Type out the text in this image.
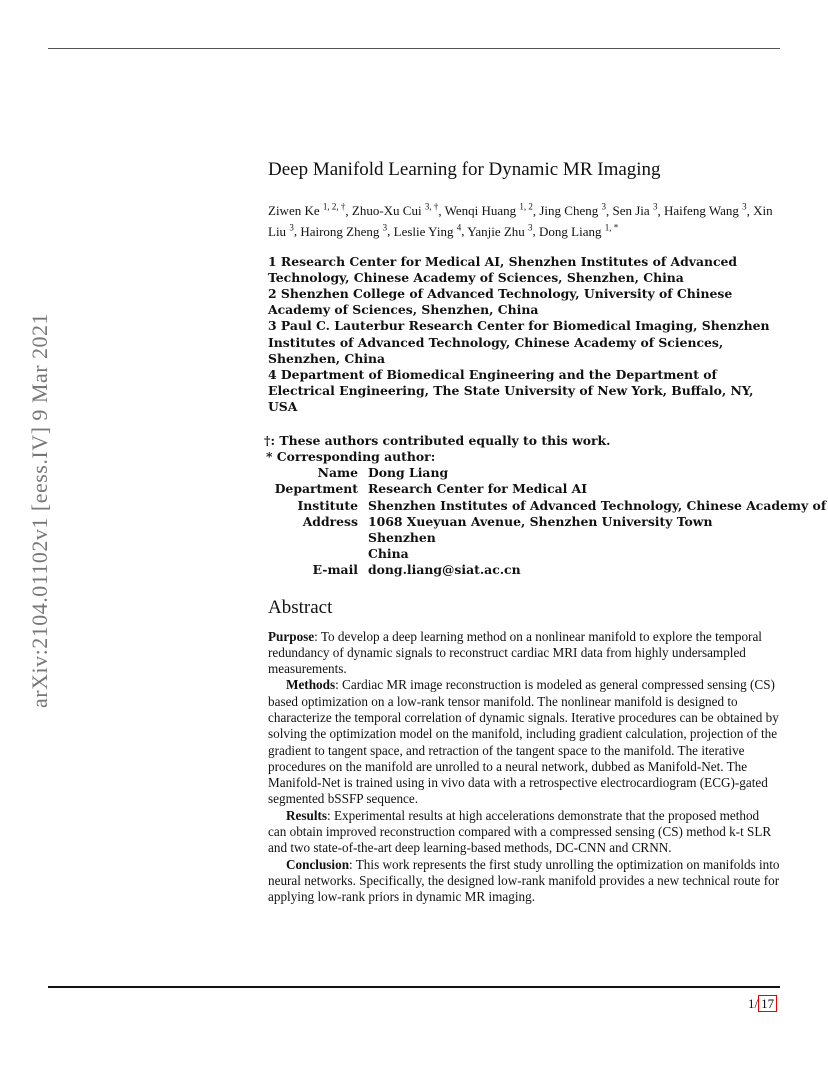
arXiv:2104.01102v1 [eess.IV] 9 Mar 2021
Deep Manifold Learning for Dynamic MR Imaging
Ziwen Ke $^{1, 2, \dagger}$, Zhuo-Xu Cui $^{3, \dagger}$, Wenqi Huang $^{1, 2}$, Jing Cheng $^3$, Sen Jia $^3$, Haifeng Wang $^3$, Xin Liu $^3$, Hairong Zheng $^3$, Leslie Ying $^4$, Yanjie Zhu $^3$, Dong Liang $^{1, *}$
1 Research Center for Medical AI, Shenzhen Institutes of Advanced Technology, Chinese Academy of Sciences, Shenzhen, China
2 Shenzhen College of Advanced Technology, University of Chinese Academy of Sciences, Shenzhen, China
3 Paul C. Lauterbur Research Center for Biomedical Imaging, Shenzhen Institutes of Advanced Technology, Chinese Academy of Sciences, Shenzhen, China
4 Department of Biomedical Engineering and the Department of Electrical Engineering, The State University of New York, Buffalo, NY, USA
†: These authors contributed equally to this work.
* Corresponding author:
Name	Dong Liang
Department	Research Center for Medical AI
Institute	Shenzhen Institutes of Advanced Technology, Chinese Academy of
Address	1068 Xueyuan Avenue, Shenzhen University Town
	Shenzhen
	China
E-mail	dong.liang@siat.ac.cn
Abstract

Purpose: To develop a deep learning method on a nonlinear manifold to explore the temporal redundancy of dynamic signals to reconstruct cardiac MRI data from highly undersampled measurements.

Methods: Cardiac MR image reconstruction is modeled as general compressed sensing (CS) based optimization on a low-rank tensor manifold. The nonlinear manifold is designed to characterize the temporal correlation of dynamic signals. Iterative procedures can be obtained by solving the optimization model on the manifold, including gradient calculation, projection of the gradient to tangent space, and retraction of the tangent space to the manifold. The iterative procedures on the manifold are unrolled to a neural network, dubbed as Manifold-Net. The Manifold-Net is trained using in vivo data with a retrospective electrocardiogram (ECG)-gated segmented bSSFP sequence.

Results: Experimental results at high accelerations demonstrate that the proposed method can obtain improved reconstruction compared with a compressed sensing (CS) method k-t SLR and two state-of-the-art deep learning-based methods, DC-CNN and CRNN.

Conclusion: This work represents the first study unrolling the optimization on manifolds into neural networks. Specifically, the designed low-rank manifold provides a new technical route for applying low-rank priors in dynamic MR imaging.

1/ 17
